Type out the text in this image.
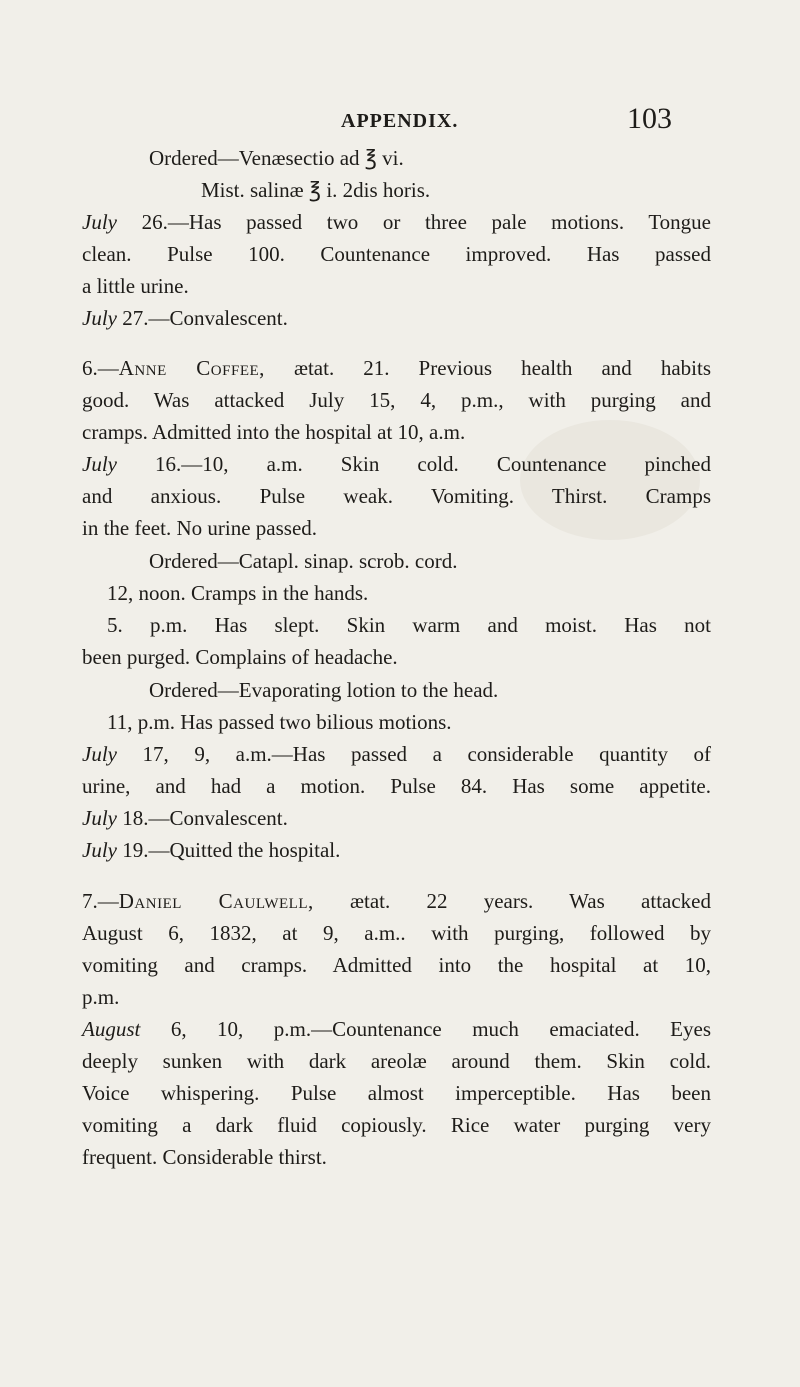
APPENDIX.	103
Ordered—Venæsectio ad ℥ vi.
Mist. salinæ ℥ i. 2dis horis.
July 26.—Has passed two or three pale motions. Tongue
clean. Pulse 100. Countenance improved. Has passed
a little urine.
July 27.—Convalescent.
6.—Anne Coffee, ætat. 21. Previous health and habits
good. Was attacked July 15, 4, p.m., with purging and
cramps. Admitted into the hospital at 10, a.m.
July 16.—10, a.m. Skin cold. Countenance pinched
and anxious. Pulse weak. Vomiting. Thirst. Cramps
in the feet. No urine passed.
Ordered—Catapl. sinap. scrob. cord.
12, noon. Cramps in the hands.
5. p.m. Has slept. Skin warm and moist. Has not
been purged. Complains of headache.
Ordered—Evaporating lotion to the head.
11, p.m. Has passed two bilious motions.
July 17, 9, a.m.—Has passed a considerable quantity of
urine, and had a motion. Pulse 84. Has some appetite.
July 18.—Convalescent.
July 19.—Quitted the hospital.
7.—Daniel Caulwell, ætat. 22 years. Was attacked
August 6, 1832, at 9, a.m.. with purging, followed by
vomiting and cramps. Admitted into the hospital at 10,
p.m.
August 6, 10, p.m.—Countenance much emaciated. Eyes
deeply sunken with dark areolæ around them. Skin cold.
Voice whispering. Pulse almost imperceptible. Has been
vomiting a dark fluid copiously. Rice water purging very
frequent. Considerable thirst.
